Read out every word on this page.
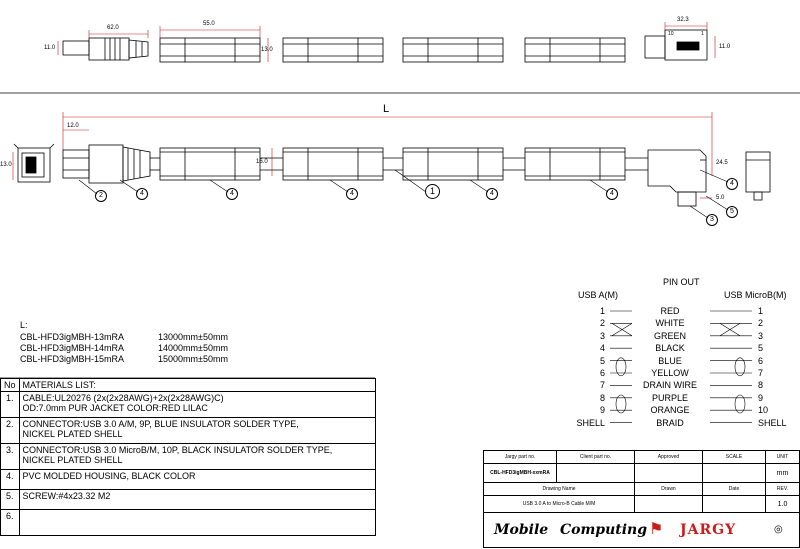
62.0
55.0
13.0
11.0
32.3
11.0
10	1
L
12.0
13.0	16.0	24.5
5.0
2	4	4	1
4	4	4
3
5
4
L:
CBL-HFD3igMBH-13mRA	13000mm±50mm
CBL-HFD3igMBH-14mRA	14000mm±50mm
CBL-HFD3igMBH-15mRA	15000mm±50mm
PIN OUT
USB A(M)	USB MicroB(M)
1	RED	1
2	WHITE	2
3	GREEN	3
4	BLACK	5
5	BLUE	6
6	YELLOW	7
7	DRAIN WIRE	8
8	PURPLE	9
9	ORANGE	10
SHELL	BRAID	SHELL
No	MATERIALS LIST:
1.	CABLE:UL20276 (2x(2x28AWG)+2x(2x28AWG)C)
OD:7.0mm PUR JACKET COLOR:RED LILAC

2.	CONNECTOR:USB 3.0 A/M, 9P, BLUE INSULATOR SOLDER TYPE,
NICKEL PLATED SHELL

3.	CONNECTOR:USB 3.0 MicroB/M, 10P, BLACK INSULATOR SOLDER TYPE,
NICKEL PLATED SHELL

4.	PVC MOLDED HOUSING, BLACK COLOR

5.	SCREW:#4x23.32 M2

6.	
Jargy part no.	Client part no.	Approved	SCALE	UNIT
CBL-HFD3igMBH-xxmRA				mm
Drawing Name		Drawn	Date	REV.
USB 3.0 A to Micro-B Cable M/M				1.0

Mobile Computing ⚑ JARGY ◎				
